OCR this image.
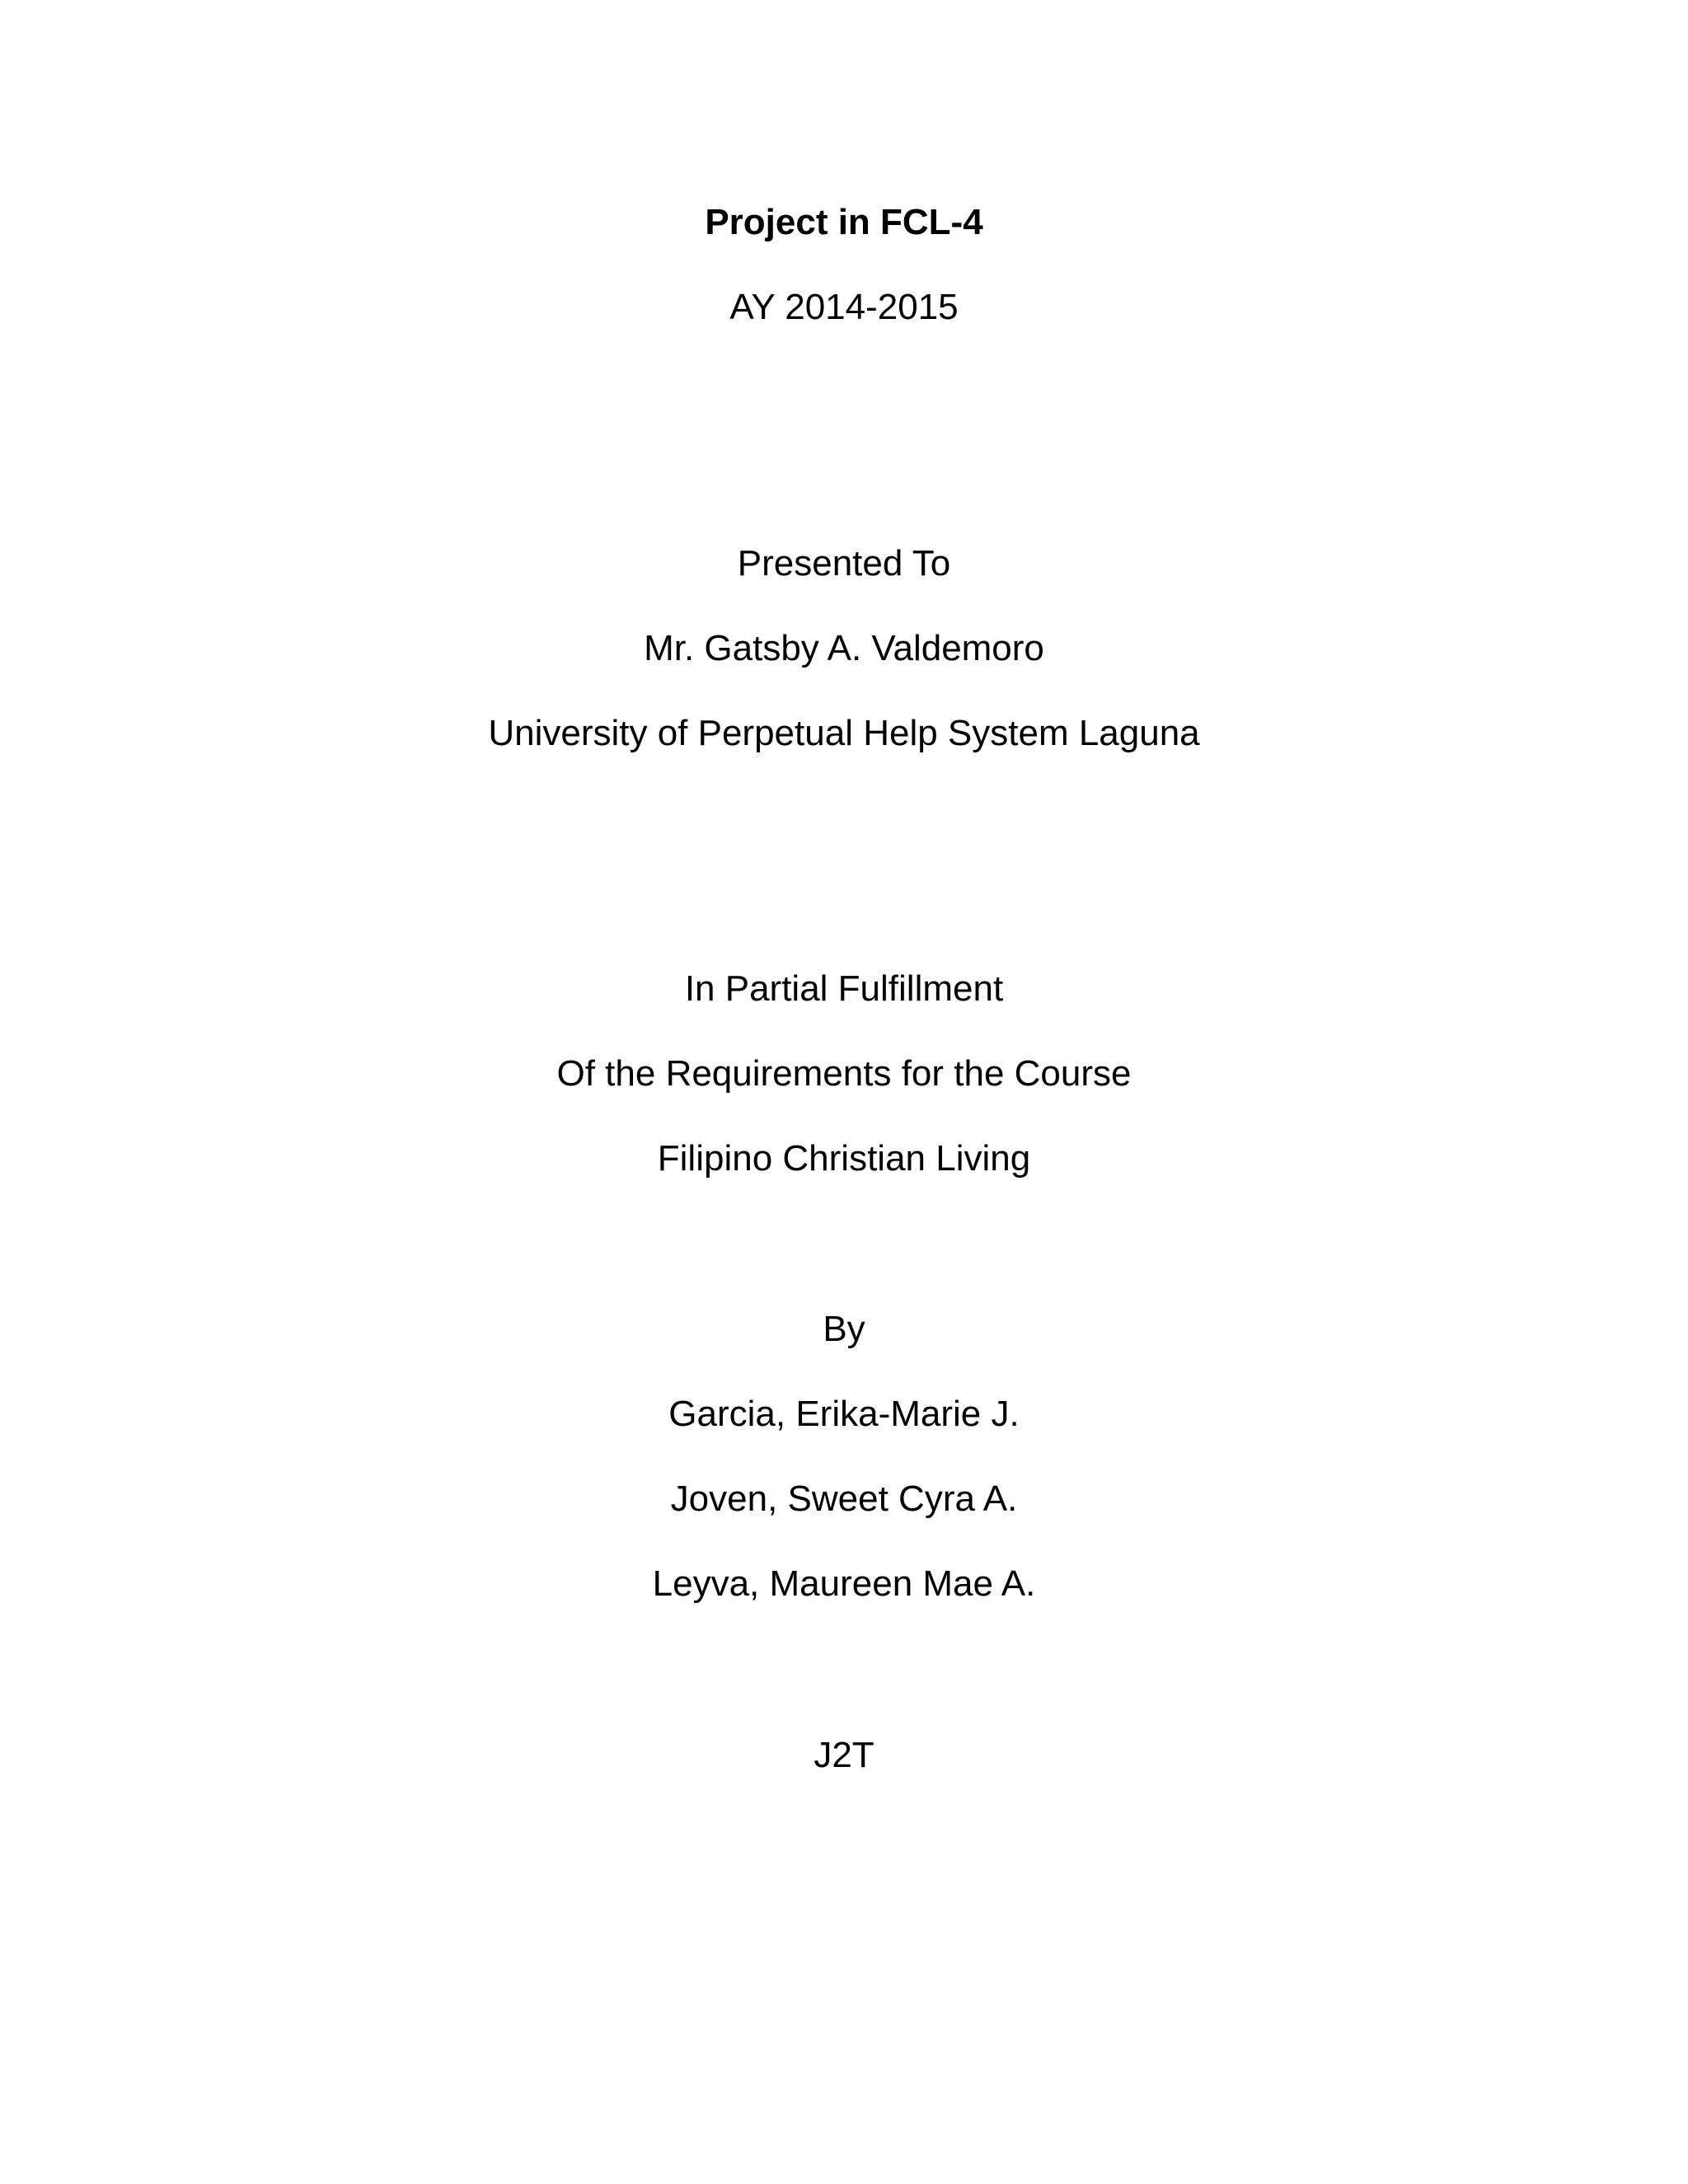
Project in FCL-4
AY 2014-2015
Presented To
Mr. Gatsby A. Valdemoro
University of Perpetual Help System Laguna
In Partial Fulfillment
Of the Requirements for the Course
Filipino Christian Living
By
Garcia, Erika-Marie J.
Joven, Sweet Cyra A.
Leyva, Maureen Mae A.
J2T
